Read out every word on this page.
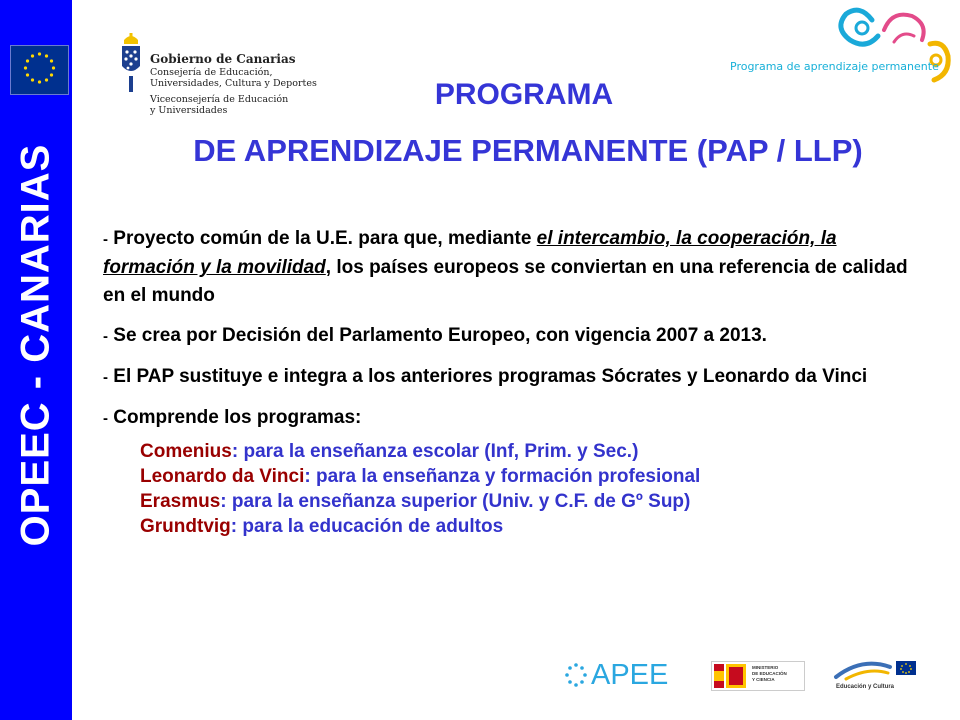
OPEEC - CANARIAS
Gobierno de Canarias
Consejería de Educación,
Universidades, Cultura y Deportes
Viceconsejería de Educación
y Universidades
Programa de aprendizaje permanente
PROGRAMA
DE APRENDIZAJE PERMANENTE (PAP / LLP)

- Proyecto común de la U.E. para que, mediante el intercambio, la cooperación, la formación y la movilidad, los países europeos se conviertan en una referencia de calidad en el mundo

- Se crea por Decisión del Parlamento Europeo, con vigencia 2007 a 2013.

- El PAP sustituye e integra a los anteriores programas Sócrates y Leonardo da Vinci

- Comprende los programas:

Comenius: para la enseñanza escolar (Inf, Prim. y Sec.)
Leonardo da Vinci: para la enseñanza y formación profesional
Erasmus: para la enseñanza superior (Univ. y C.F. de Gº Sup)
Grundtvig: para la educación de adultos
APEE	MINISTERIO
DE EDUCACIÓN
Y CIENCIA
Educación y Cultura
